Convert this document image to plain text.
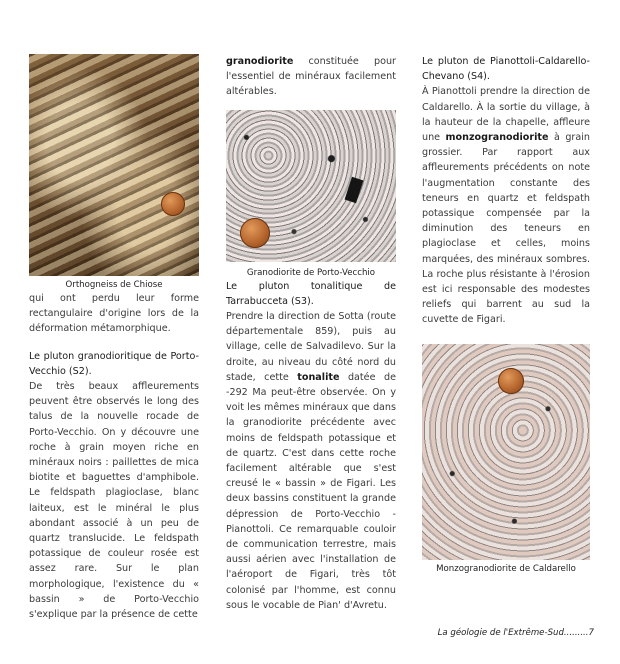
Orthogneiss de Chiose

qui ont perdu leur forme rectangulaire d'origine lors de la déformation métamorphique.

Le pluton granodioritique de Porto-Vecchio (S2).

De très beaux affleurements peuvent être observés le long des talus de la nouvelle rocade de Porto-Vecchio. On y découvre une roche à grain moyen riche en minéraux noirs : paillettes de mica biotite et baguettes d'amphibole. Le feldspath plagioclase, blanc laiteux, est le minéral le plus abondant associé à un peu de quartz translucide. Le feldspath potassique de couleur rosée est assez rare. Sur le plan morphologique, l'existence du « bassin » de Porto-Vecchio s'explique par la présence de cette

granodiorite constituée pour l'essentiel de minéraux facilement altérables.

Granodiorite de Porto-Vecchio

Le pluton tonalitique de Tarrabucceta (S3).

Prendre la direction de Sotta (route départementale 859), puis au village, celle de Salvadilevo. Sur la droite, au niveau du côté nord du stade, cette tonalite datée de -292 Ma peut-être observée. On y voit les mêmes minéraux que dans la granodiorite précédente avec moins de feldspath potassique et de quartz. C'est dans cette roche facilement altérable que s'est creusé le « bassin » de Figari. Les deux bassins constituent la grande dépression de Porto-Vecchio - Pianottoli. Ce remarquable couloir de communication terrestre, mais aussi aérien avec l'installation de l'aéroport de Figari, très tôt colonisé par l'homme, est connu sous le vocable de Pian' d'Avretu.

Le pluton de Pianottoli-Caldarello-Chevano (S4).

À Pianottoli prendre la direction de Caldarello. À la sortie du village, à la hauteur de la chapelle, affleure une monzogranodiorite à grain grossier. Par rapport aux affleurements précédents on note l'augmentation constante des teneurs en quartz et feldspath potassique compensée par la diminution des teneurs en plagioclase et celles, moins marquées, des minéraux sombres. La roche plus résistante à l'érosion est ici responsable des modestes reliefs qui barrent au sud la cuvette de Figari.

Monzogranodiorite de Caldarello
La géologie de l'Extrême-Sud.........7
